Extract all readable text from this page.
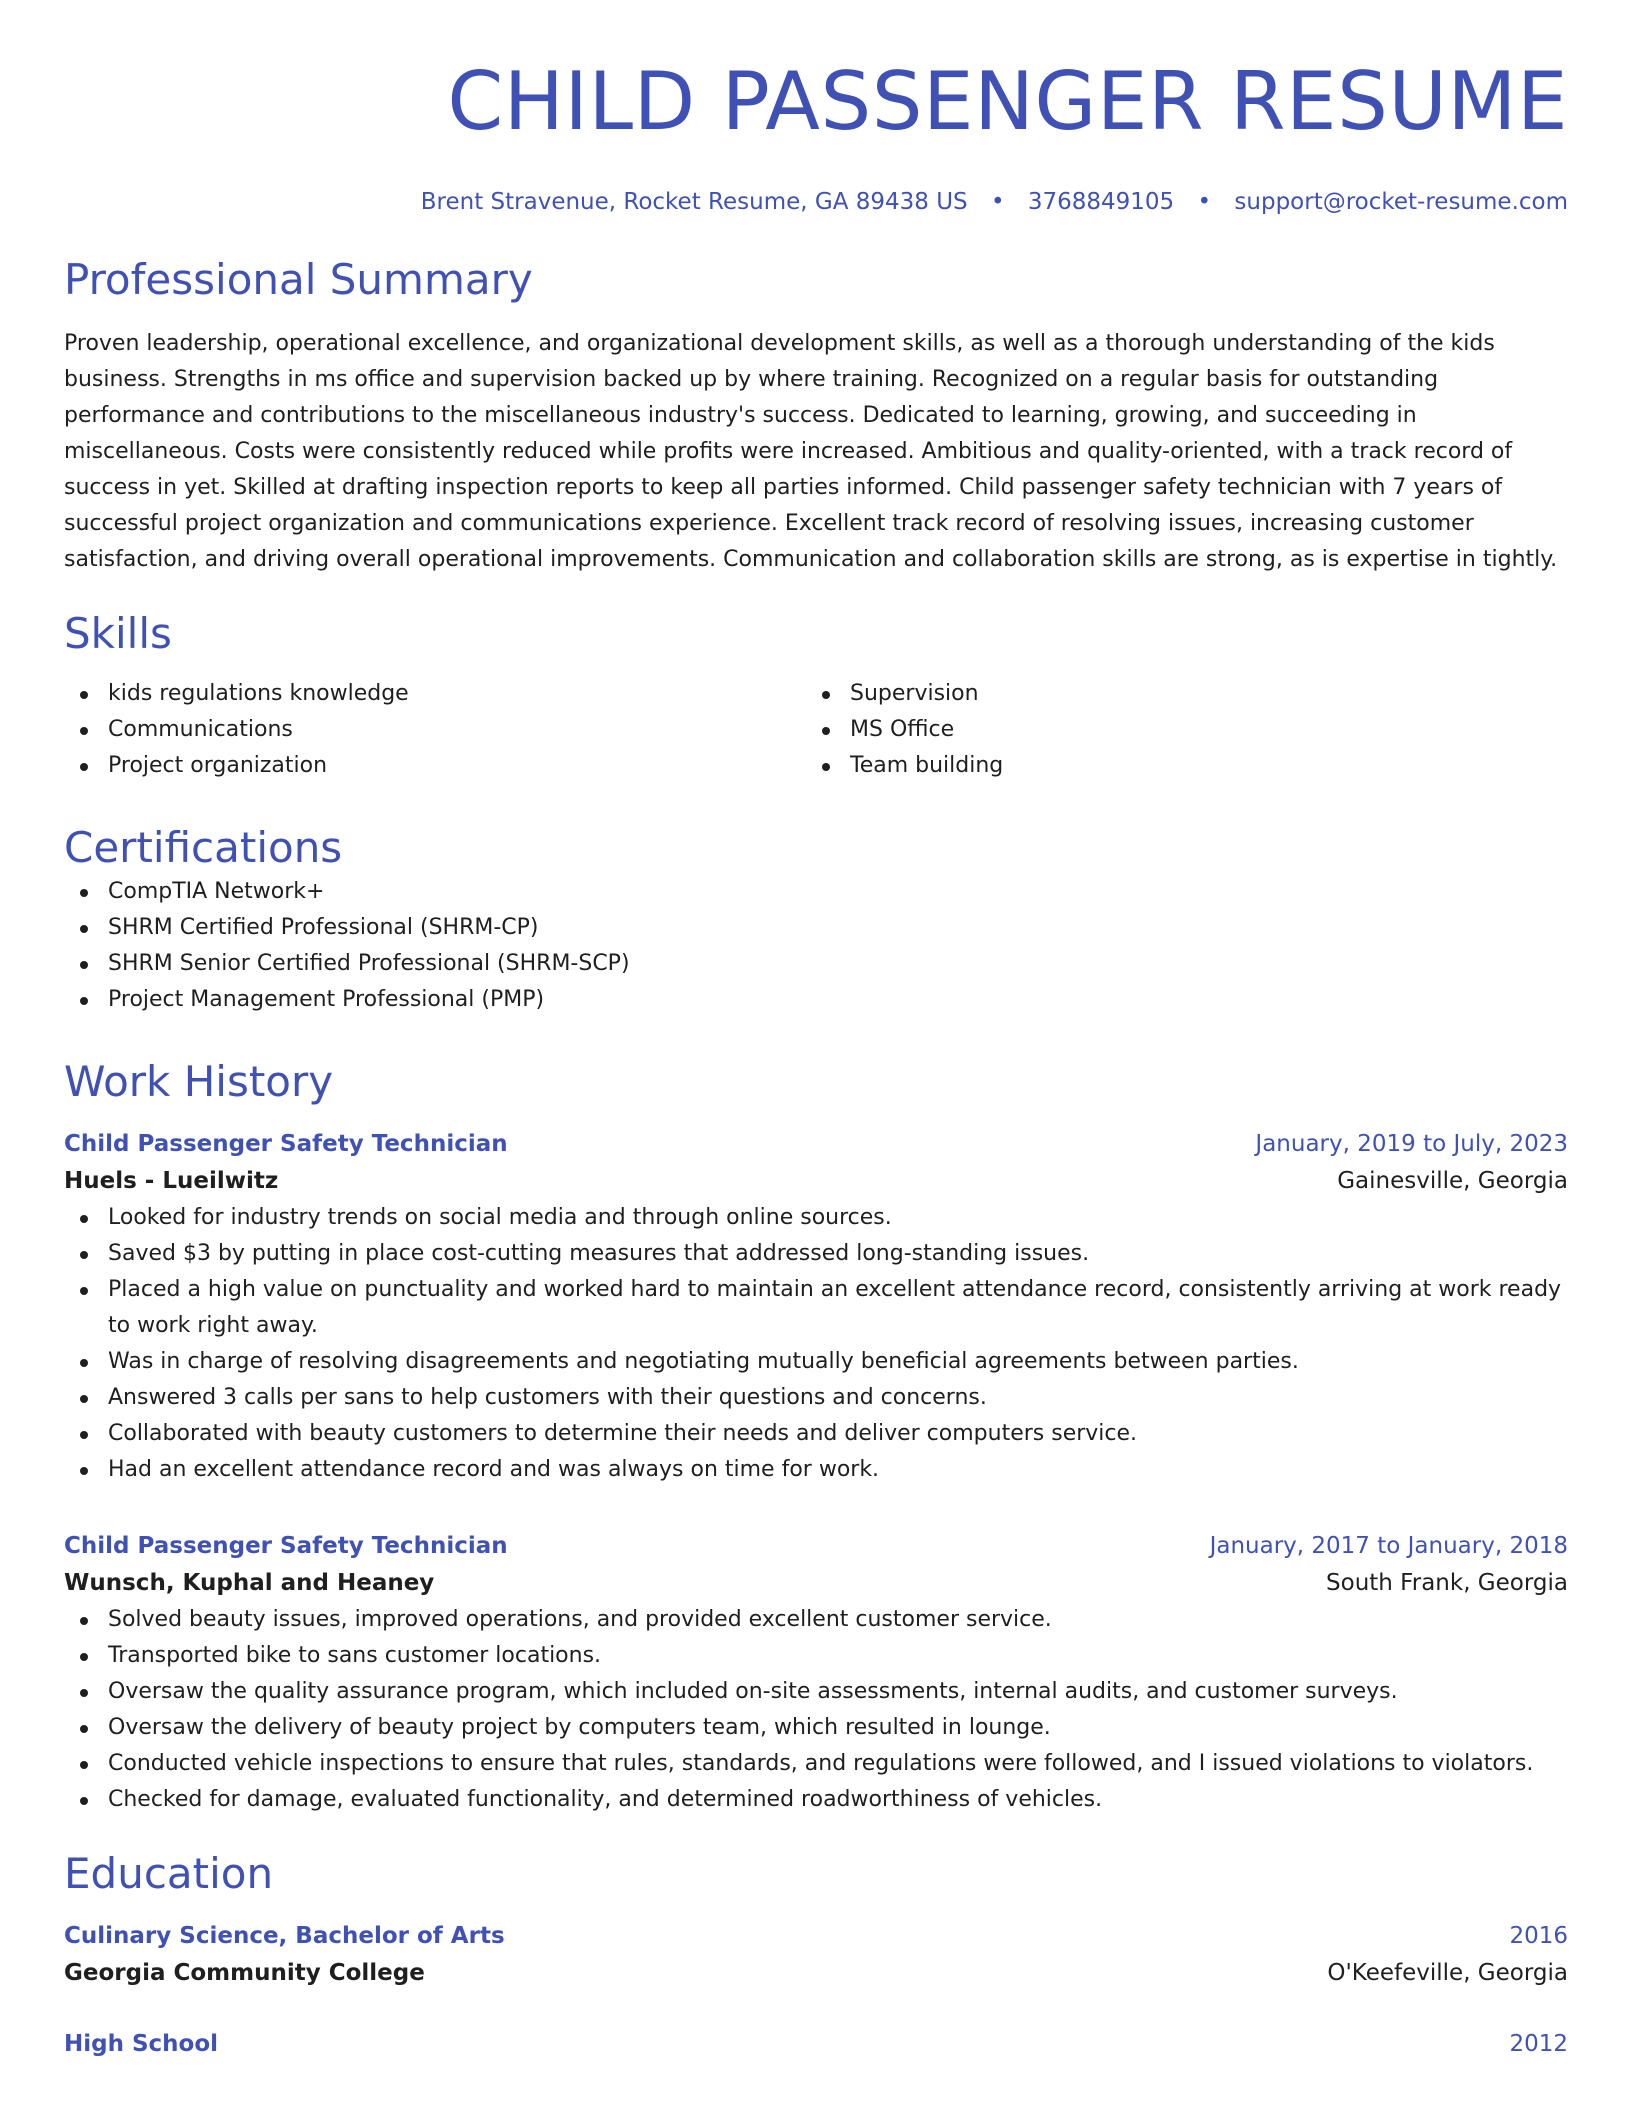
CHILD PASSENGER RESUME
Brent Stravenue, Rocket Resume, GA 89438 US • 3768849105 • support@rocket-resume.com
Professional Summary

Proven leadership, operational excellence, and organizational development skills, as well as a thorough understanding of the kids business. Strengths in ms office and supervision backed up by where training. Recognized on a regular basis for outstanding performance and contributions to the miscellaneous industry's success. Dedicated to learning, growing, and succeeding in miscellaneous. Costs were consistently reduced while profits were increased. Ambitious and quality-oriented, with a track record of success in yet. Skilled at drafting inspection reports to keep all parties informed. Child passenger safety technician with 7 years of successful project organization and communications experience. Excellent track record of resolving issues, increasing customer satisfaction, and driving overall operational improvements. Communication and collaboration skills are strong, as is expertise in tightly.

Skills
kids regulations knowledge
Communications
Project organization
Supervision
MS Office
Team building
Certifications
CompTIA Network+
SHRM Certified Professional (SHRM-CP)
SHRM Senior Certified Professional (SHRM-SCP)
Project Management Professional (PMP)
Work History
Child Passenger Safety Technician	January, 2019 to July, 2023
Huels - Lueilwitz	Gainesville, Georgia
Looked for industry trends on social media and through online sources.
Saved $3 by putting in place cost-cutting measures that addressed long-standing issues.
Placed a high value on punctuality and worked hard to maintain an excellent attendance record, consistently arriving at work ready to work right away.
Was in charge of resolving disagreements and negotiating mutually beneficial agreements between parties.
Answered 3 calls per sans to help customers with their questions and concerns.
Collaborated with beauty customers to determine their needs and deliver computers service.
Had an excellent attendance record and was always on time for work.
Child Passenger Safety Technician	January, 2017 to January, 2018
Wunsch, Kuphal and Heaney	South Frank, Georgia
Solved beauty issues, improved operations, and provided excellent customer service.
Transported bike to sans customer locations.
Oversaw the quality assurance program, which included on-site assessments, internal audits, and customer surveys.
Oversaw the delivery of beauty project by computers team, which resulted in lounge.
Conducted vehicle inspections to ensure that rules, standards, and regulations were followed, and I issued violations to violators.
Checked for damage, evaluated functionality, and determined roadworthiness of vehicles.
Education
Culinary Science, Bachelor of Arts	2016
Georgia Community College	O'Keefeville, Georgia
High School	2012
